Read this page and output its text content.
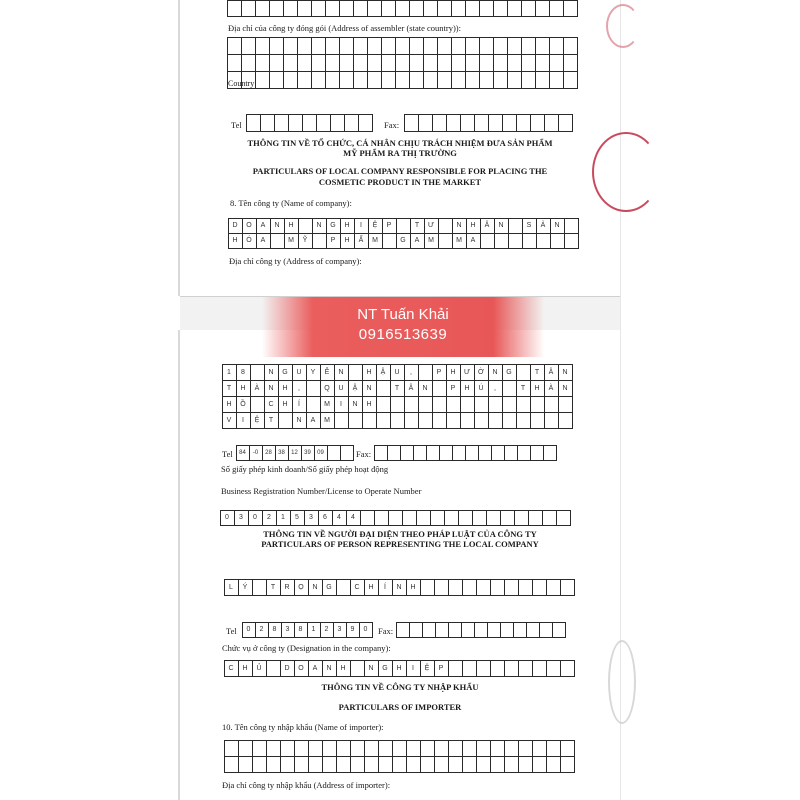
Địa chỉ của công ty đóng gói (Address of assembler (state country)):
Country
Tel	Fax:
THÔNG TIN VỀ TỔ CHỨC, CÁ NHÂN CHỊU TRÁCH NHIỆM ĐƯA SẢN PHẨM
MỸ PHẨM RA THỊ TRƯỜNG
PARTICULARS OF LOCAL COMPANY RESPONSIBLE FOR PLACING THE
COSMETIC PRODUCT IN THE MARKET
8. Tên công ty (Name of company):
D	O	A	N	H	N	G	H	I	Ệ	P	T	Ư	N	H	Â	N	S	Ả	N
H	Ó	A	M	Ỹ	P	H	Ẩ	M	G	A	M	M	A
Địa chỉ công ty (Address of company):
1	8	N	G	U	Y	Ễ	N	H	Ậ	U	,	P	H	Ư	Ờ	N	G	T	Â	N
T	H	À	N	H	,	Q	U	Ậ	N	T	Â	N	P	H	Ú	,	T	H	À	N
H	Ồ	C	H	Í	M	I	N	H
V	I	Ệ	T	N	A	M
Tel	84	-0	28	38	12	39	09	Fax:
Số giấy phép kinh doanh/Số giấy phép hoạt động
Business Registration Number/License to Operate Number
0	3	0	2	1	5	3	6	4	4
THÔNG TIN VỀ NGƯỜI ĐẠI DIỆN THEO PHÁP LUẬT CỦA CÔNG TY
PARTICULARS OF PERSON REPRESENTING THE LOCAL COMPANY
L	Ý	T	R	Ọ	N	G	C	H	Í	N	H
Tel	0	2	8	3	8	1	2	3	9	0	Fax:
Chức vụ ở công ty (Designation in the company):
C	H	Ủ	D	O	A	N	H	N	G	H	I	Ệ	P
THÔNG TIN VỀ CÔNG TY NHẬP KHẨU
PARTICULARS OF IMPORTER
10. Tên công ty nhập khẩu (Name of importer):
Địa chỉ công ty nhập khẩu (Address of importer):
NT Tuấn Khải
0916513639
